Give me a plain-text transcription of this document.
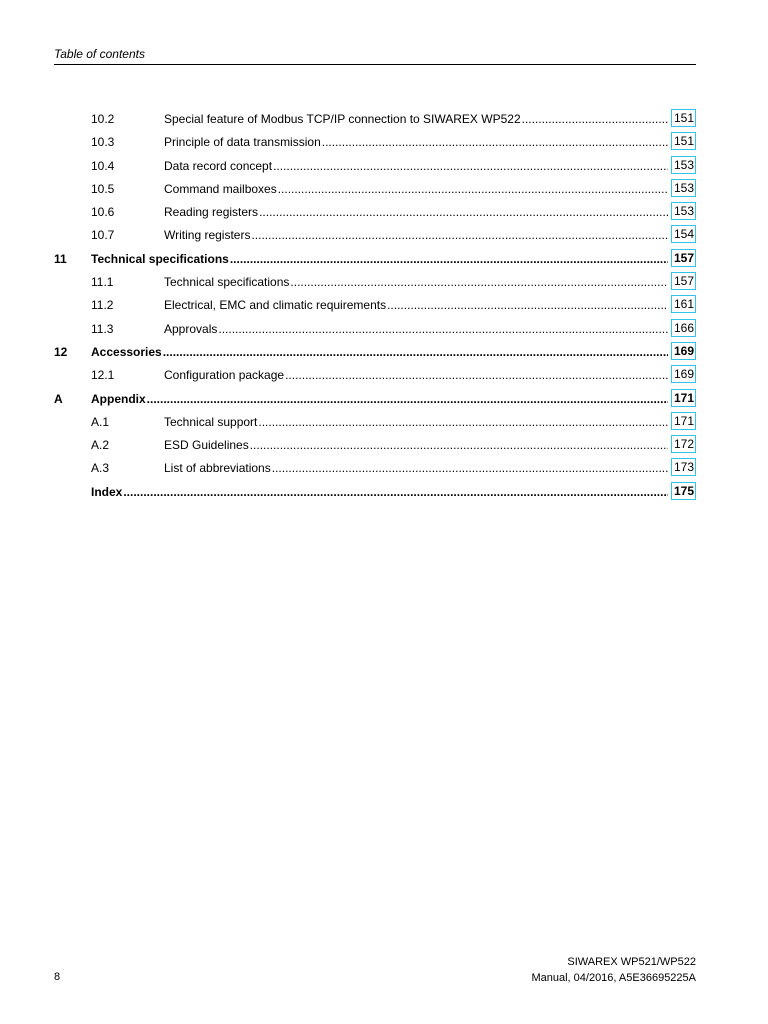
Table of contents
10.2	Special feature of Modbus TCP/IP connection to SIWAREX WP522 .....	151
10.3	Principle of data transmission .....	151
10.4	Data record concept .....	153
10.5	Command mailboxes .....	153
10.6	Reading registers .....	153
10.7	Writing registers .....	154
11 Technical specifications .....	157
11.1	Technical specifications .....	157
11.2	Electrical, EMC and climatic requirements .....	161
11.3	Approvals .....	166
12 Accessories .....	169
12.1	Configuration package .....	169
A Appendix .....	171
A.1	Technical support .....	171
A.2	ESD Guidelines .....	172
A.3	List of abbreviations .....	173
Index .....	175
8
SIWAREX WP521/WP522
Manual, 04/2016, A5E36695225A
